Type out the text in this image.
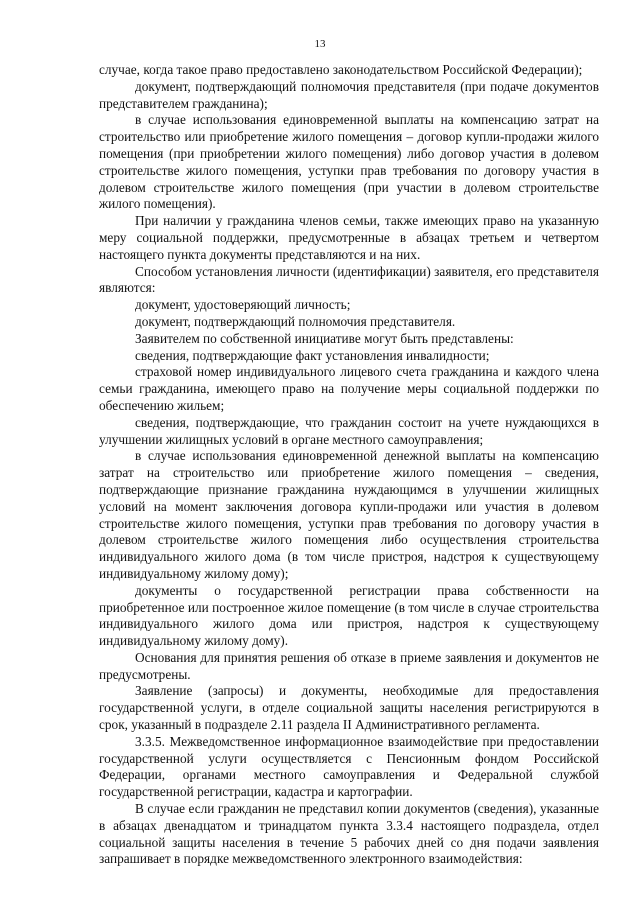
13

случае, когда такое право предоставлено законодательством Российской Федерации);

документ, подтверждающий полномочия представителя (при подаче документов представителем гражданина);

в случае использования единовременной выплаты на компенсацию затрат на строительство или приобретение жилого помещения – договор купли-продажи жилого помещения (при приобретении жилого помещения) либо договор участия в долевом строительстве жилого помещения, уступки прав требования по договору участия в долевом строительстве жилого помещения (при участии в долевом строительстве жилого помещения).

При наличии у гражданина членов семьи, также имеющих право на указанную меру социальной поддержки, предусмотренные в абзацах третьем и четвертом настоящего пункта документы представляются и на них.

Способом установления личности (идентификации) заявителя, его представителя являются:

документ, удостоверяющий личность;

документ, подтверждающий полномочия представителя.

Заявителем по собственной инициативе могут быть представлены:

сведения, подтверждающие факт установления инвалидности;

страховой номер индивидуального лицевого счета гражданина и каждого члена семьи гражданина, имеющего право на получение меры социальной поддержки по обеспечению жильем;

сведения, подтверждающие, что гражданин состоит на учете нуждающихся в улучшении жилищных условий в органе местного самоуправления;

в случае использования единовременной денежной выплаты на компенсацию затрат на строительство или приобретение жилого помещения – сведения, подтверждающие признание гражданина нуждающимся в улучшении жилищных условий на момент заключения договора купли-продажи или участия в долевом строительстве жилого помещения, уступки прав требования по договору участия в долевом строительстве жилого помещения либо осуществления строительства индивидуального жилого дома (в том числе пристроя, надстроя к существующему индивидуальному жилому дому);

документы о государственной регистрации права собственности на приобретенное или построенное жилое помещение (в том числе в случае строительства индивидуального жилого дома или пристроя, надстроя к существующему индивидуальному жилому дому).

Основания для принятия решения об отказе в приеме заявления и документов не предусмотрены.

Заявление (запросы) и документы, необходимые для предоставления государственной услуги, в отделе социальной защиты населения регистрируются в срок, указанный в подразделе 2.11 раздела II Административного регламента.

3.3.5. Межведомственное информационное взаимодействие при предоставлении государственной услуги осуществляется с Пенсионным фондом Российской Федерации, органами местного самоуправления и Федеральной службой государственной регистрации, кадастра и картографии.

В случае если гражданин не представил копии документов (сведения), указанные в абзацах двенадцатом и тринадцатом пункта 3.3.4 настоящего подраздела, отдел социальной защиты населения в течение 5 рабочих дней со дня подачи заявления запрашивает в порядке межведомственного электронного взаимодействия:
